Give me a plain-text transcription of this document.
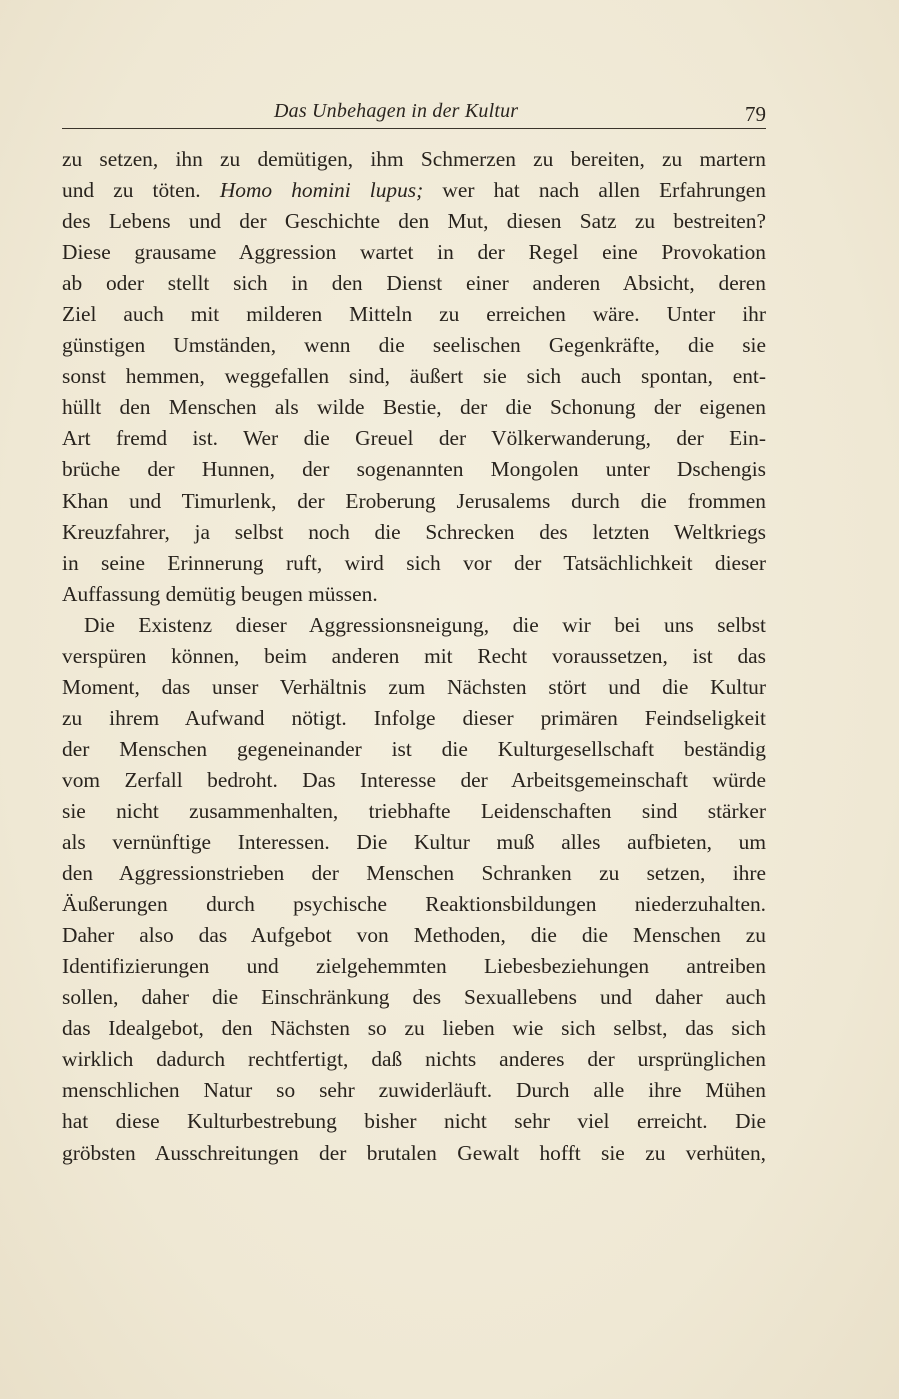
Das Unbehagen in der Kultur	79
zu setzen, ihn zu demütigen, ihm Schmerzen zu bereiten, zu martern
und zu töten. Homo homini lupus; wer hat nach allen Erfahrungen
des Lebens und der Geschichte den Mut, diesen Satz zu bestreiten?
Diese grausame Aggression wartet in der Regel eine Provokation
ab oder stellt sich in den Dienst einer anderen Absicht, deren
Ziel auch mit milderen Mitteln zu erreichen wäre. Unter ihr
günstigen Umständen, wenn die seelischen Gegenkräfte, die sie
sonst hemmen, weggefallen sind, äußert sie sich auch spontan, ent-
hüllt den Menschen als wilde Bestie, der die Schonung der eigenen
Art fremd ist. Wer die Greuel der Völkerwanderung, der Ein-
brüche der Hunnen, der sogenannten Mongolen unter Dschengis
Khan und Timurlenk, der Eroberung Jerusalems durch die frommen
Kreuzfahrer, ja selbst noch die Schrecken des letzten Weltkriegs
in seine Erinnerung ruft, wird sich vor der Tatsächlichkeit dieser
Auffassung demütig beugen müssen.
Die Existenz dieser Aggressionsneigung, die wir bei uns selbst
verspüren können, beim anderen mit Recht voraussetzen, ist das
Moment, das unser Verhältnis zum Nächsten stört und die Kultur
zu ihrem Aufwand nötigt. Infolge dieser primären Feindseligkeit
der Menschen gegeneinander ist die Kulturgesellschaft beständig
vom Zerfall bedroht. Das Interesse der Arbeitsgemeinschaft würde
sie nicht zusammenhalten, triebhafte Leidenschaften sind stärker
als vernünftige Interessen. Die Kultur muß alles aufbieten, um
den Aggressionstrieben der Menschen Schranken zu setzen, ihre
Äußerungen durch psychische Reaktionsbildungen niederzuhalten.
Daher also das Aufgebot von Methoden, die die Menschen zu
Identifizierungen und zielgehemmten Liebesbeziehungen antreiben
sollen, daher die Einschränkung des Sexuallebens und daher auch
das Idealgebot, den Nächsten so zu lieben wie sich selbst, das sich
wirklich dadurch rechtfertigt, daß nichts anderes der ursprünglichen
menschlichen Natur so sehr zuwiderläuft. Durch alle ihre Mühen
hat diese Kulturbestrebung bisher nicht sehr viel erreicht. Die
gröbsten Ausschreitungen der brutalen Gewalt hofft sie zu verhüten,
